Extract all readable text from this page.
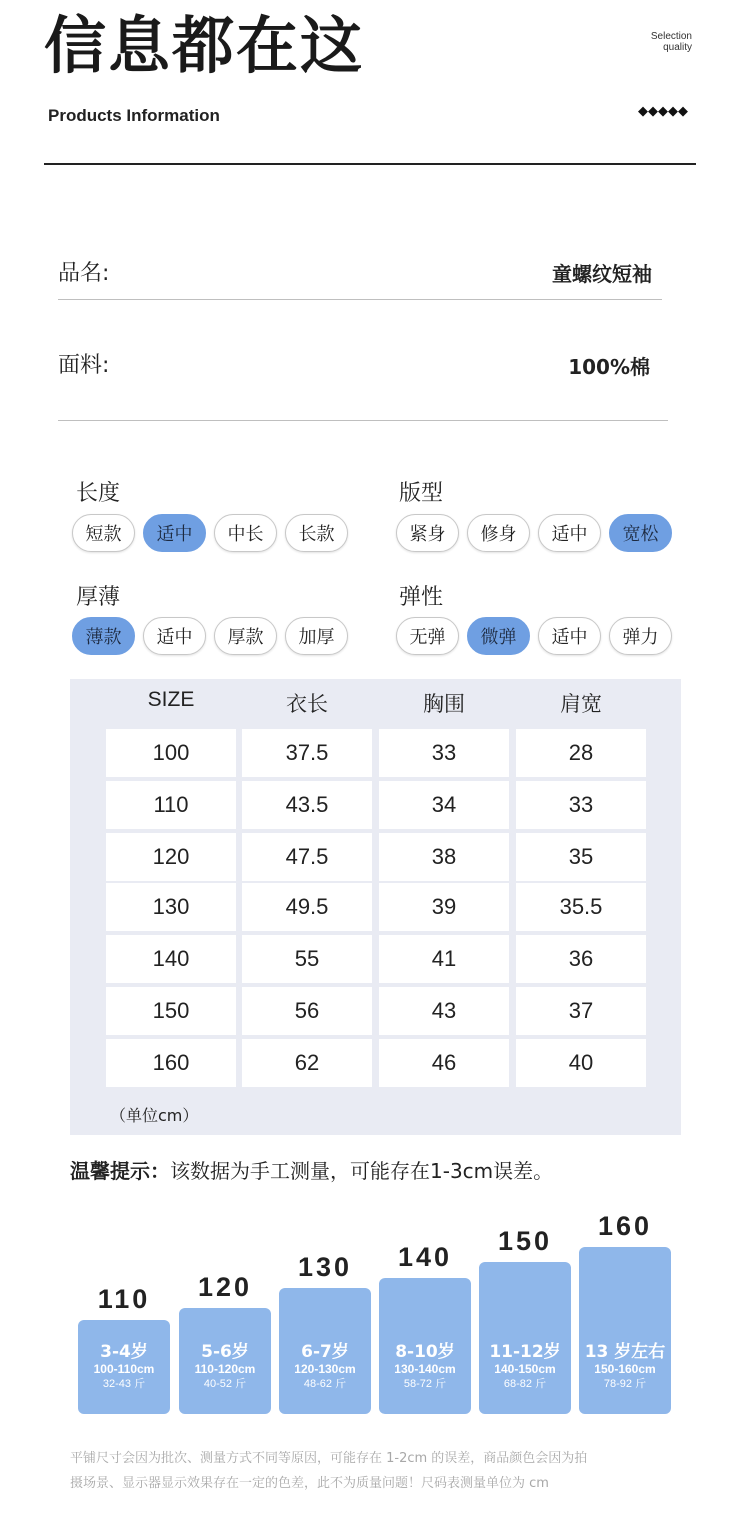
信息都在这	Selection
quality
Products Information	◆◆◆◆◆
品名:	童螺纹短袖
面料:	100%棉
长度
短款	适中	中长	长款
版型
紧身	修身	适中	宽松
厚薄
薄款	适中	厚款	加厚
弹性
无弹	微弹	适中	弹力
SIZE	衣长	胸围	肩宽
100	37.5	33	28
110	43.5	34	33
120	47.5	38	35
130	49.5	39	35.5
140	55	41	36
150	56	43	37
160	62	46	40
（单位cm）
温馨提示：该数据为手工测量，可能存在1-3cm误差。
110
3-4岁
100-110cm
32-43 斤
120
5-6岁
110-120cm
40-52 斤
130
6-7岁
120-130cm
48-62 斤
140
8-10岁
130-140cm
58-72 斤
150
11-12岁
140-150cm
68-82 斤
160
13 岁左右
150-160cm
78-92 斤
平铺尺寸会因为批次、测量方式不同等原因，可能存在 1-2cm 的误差，商品颜色会因为拍
摄场景、显示器显示效果存在一定的色差，此不为质量问题！尺码表测量单位为 cm
